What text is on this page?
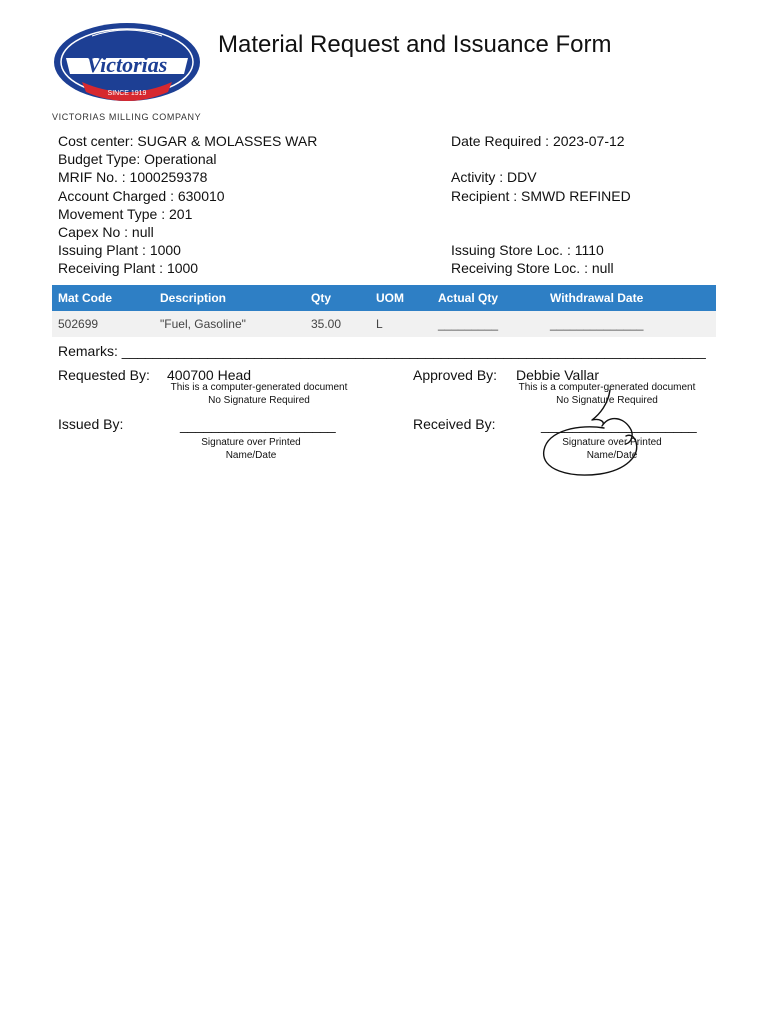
Victorias
SINCE 1919
VICTORIAS MILLING COMPANY
Material Request and Issuance Form
Cost center: SUGAR & MOLASSES WAR
Budget Type: Operational
MRIF No. : 1000259378
Account Charged : 630010
Movement Type : 201
Capex No : null
Issuing Plant : 1000
Receiving Plant : 1000
Date Required : 2023-07-12
Activity : DDV
Recipient : SMWD REFINED
Issuing Store Loc. : 1110
Receiving Store Loc. : null
Mat Code	Description	Qty	UOM	Actual Qty	Withdrawal Date
502699	"Fuel, Gasoline"	35.00	L	_________	______________
Remarks: ___________________________________________________________________________
Requested By: 400700 Head
This is a computer-generated document
No Signature Required
Approved By: Debbie Vallar
This is a computer-generated document
No Signature Required
Issued By:	____________________
Signature over Printed
Name/Date
Received By:	____________________
Signature over Printed
Name/Date
